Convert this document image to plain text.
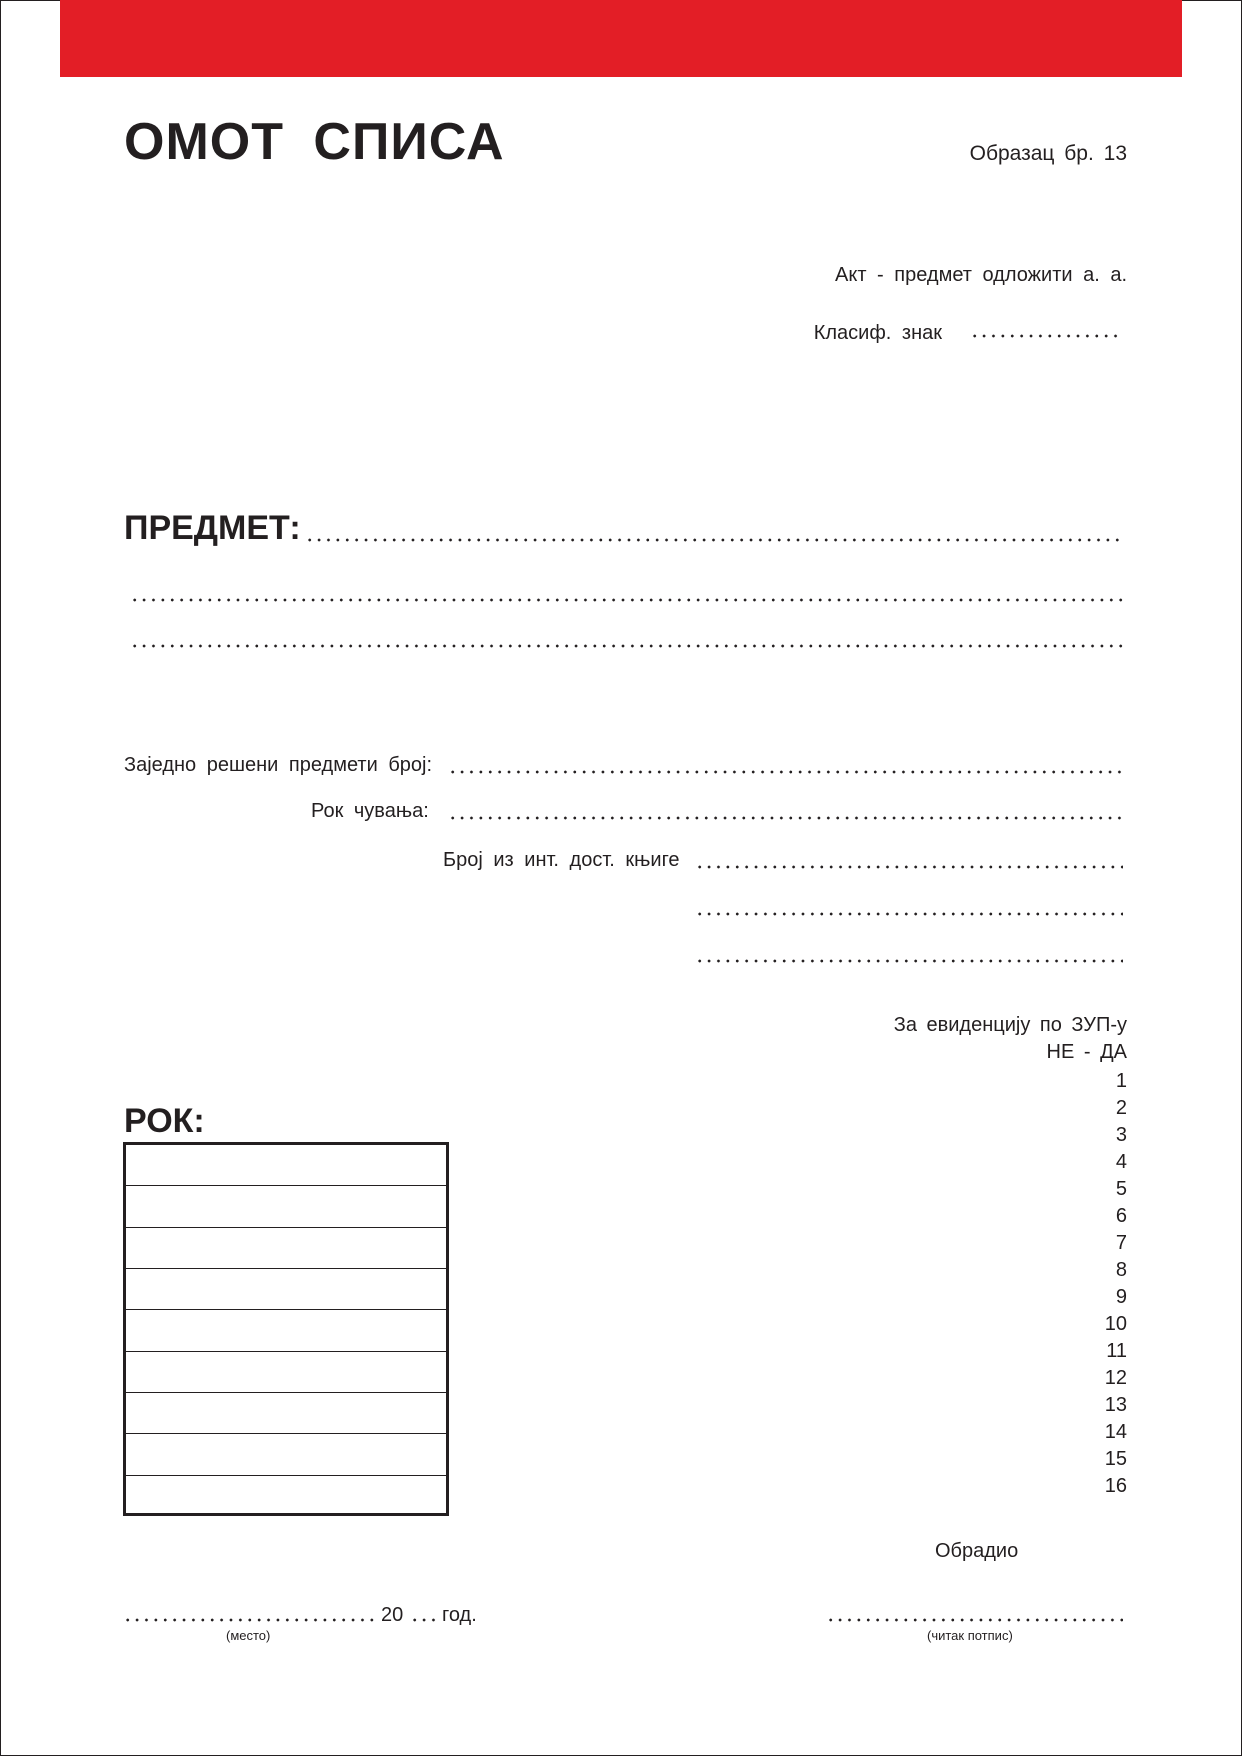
ОМОТ СПИСА	Образац бр. 13
Акт - предмет одложити а. а.
Класиф. знак
ПРЕДМЕТ:
Заједно решени предмети број:
Рок чувања:
Број из инт. дост. књиге
За евиденцију по ЗУП-у
НЕ - ДА
1
2
3
4
5
6
7
8
9
10
11
12
13
14
15
16
РОК:
Обрадио
20 год.
(место)	(читак потпис)
